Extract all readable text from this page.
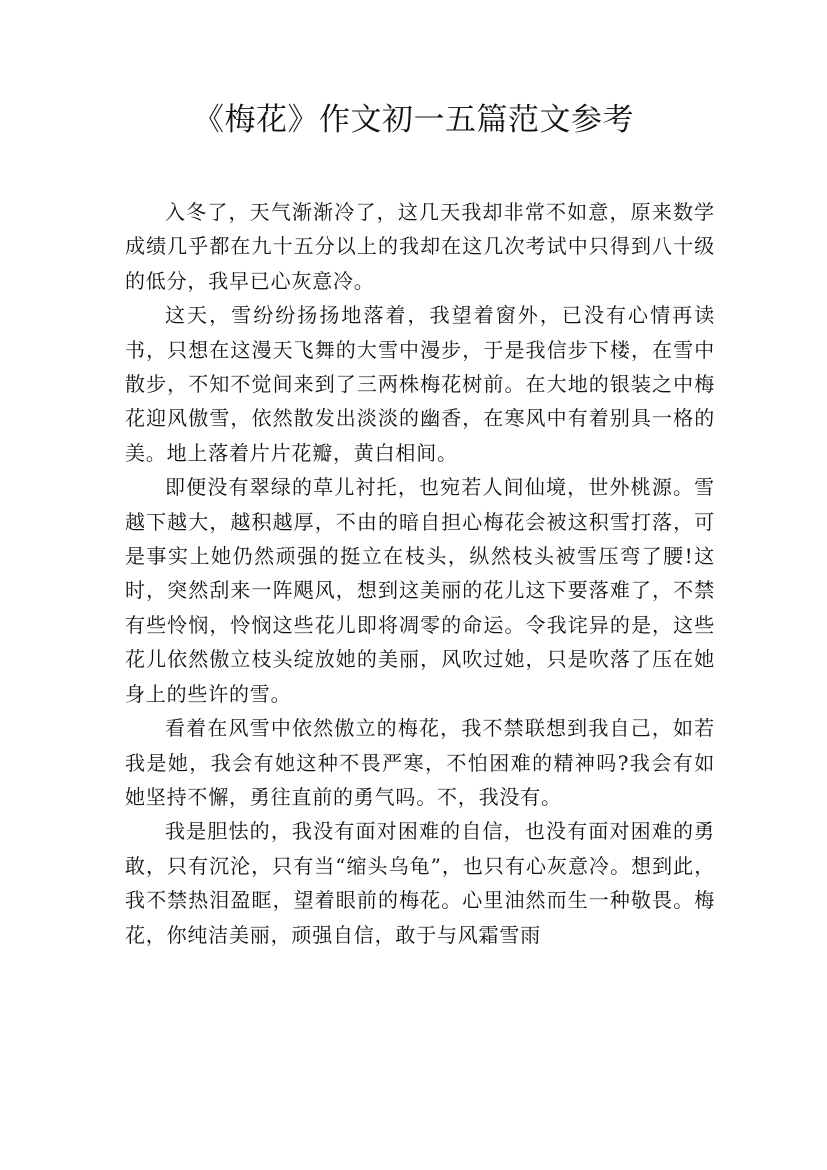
《梅花》作文初一五篇范文参考

入冬了，天气渐渐冷了，这几天我却非常不如意，原来数学成绩几乎都在九十五分以上的我却在这几次考试中只得到八十级的低分，我早已心灰意冷。

这天，雪纷纷扬扬地落着，我望着窗外，已没有心情再读书，只想在这漫天飞舞的大雪中漫步，于是我信步下楼，在雪中散步，不知不觉间来到了三两株梅花树前。在大地的银装之中梅花迎风傲雪，依然散发出淡淡的幽香，在寒风中有着别具一格的美。地上落着片片花瓣，黄白相间。

即便没有翠绿的草儿衬托，也宛若人间仙境，世外桃源。雪越下越大，越积越厚，不由的暗自担心梅花会被这积雪打落，可是事实上她仍然顽强的挺立在枝头，纵然枝头被雪压弯了腰!这时，突然刮来一阵飓风，想到这美丽的花儿这下要落难了，不禁有些怜悯，怜悯这些花儿即将凋零的命运。令我诧异的是，这些花儿依然傲立枝头绽放她的美丽，风吹过她，只是吹落了压在她身上的些许的雪。

看着在风雪中依然傲立的梅花，我不禁联想到我自己，如若我是她，我会有她这种不畏严寒，不怕困难的精神吗?我会有如她坚持不懈，勇往直前的勇气吗。不，我没有。

我是胆怯的，我没有面对困难的自信，也没有面对困难的勇敢，只有沉沦，只有当“缩头乌龟”，也只有心灰意冷。想到此，我不禁热泪盈眶，望着眼前的梅花。心里油然而生一种敬畏。梅花，你纯洁美丽，顽强自信，敢于与风霜雪雨
